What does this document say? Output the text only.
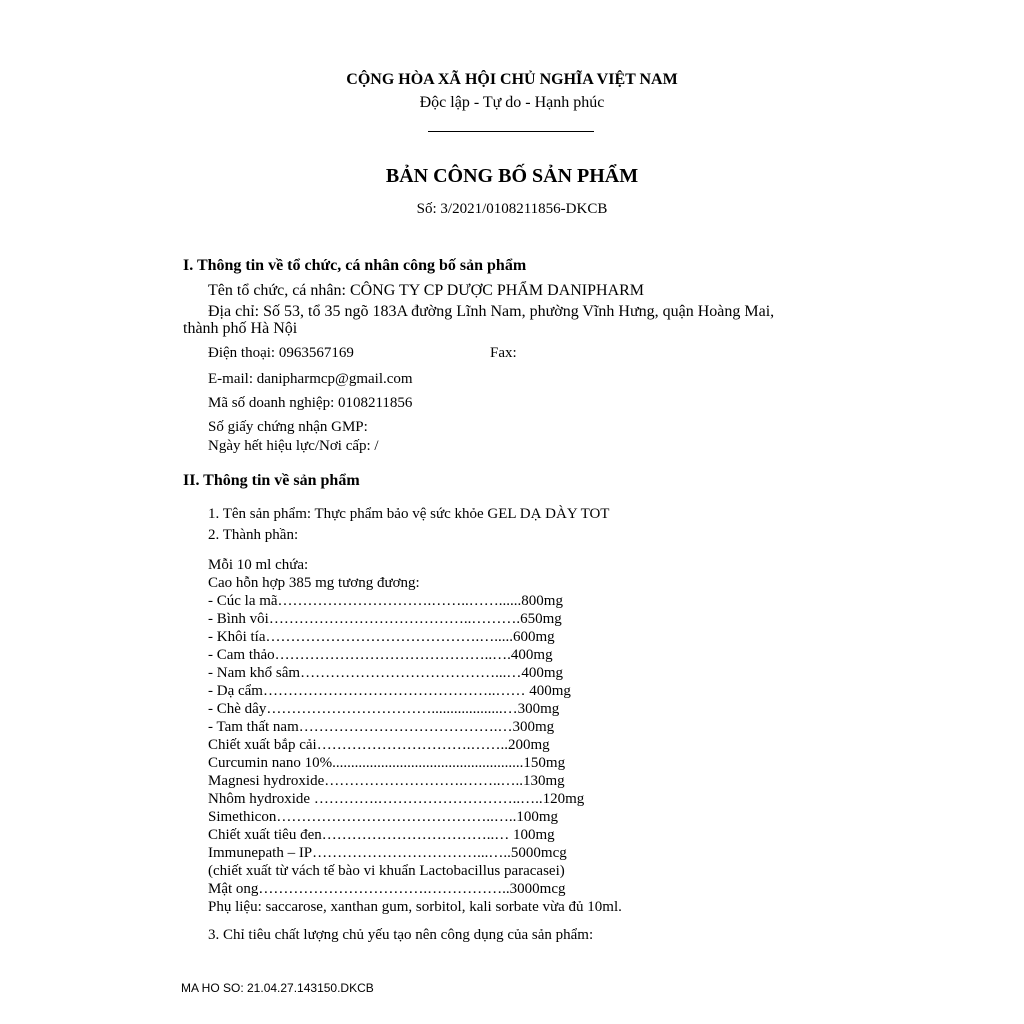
CỘNG HÒA XÃ HỘI CHỦ NGHĨA VIỆT NAM
Độc lập - Tự do - Hạnh phúc
BẢN CÔNG BỐ SẢN PHẨM
Số: 3/2021/0108211856-DKCB
I. Thông tin về tổ chức, cá nhân công bố sản phẩm
Tên tổ chức, cá nhân: CÔNG TY CP DƯỢC PHẨM DANIPHARM
Địa chỉ: Số 53, tổ 35 ngõ 183A đường Lĩnh Nam, phường Vĩnh Hưng, quận Hoàng Mai,
thành phố Hà Nội
Điện thoại: 0963567169	Fax:
E-mail: danipharmcp@gmail.com
Mã số doanh nghiệp: 0108211856
Số giấy chứng nhận GMP:
Ngày hết hiệu lực/Nơi cấp: /
II. Thông tin về sản phẩm
1. Tên sản phẩm: Thực phẩm bảo vệ sức khỏe GEL DẠ DÀY TOT
2. Thành phần:
Mỗi 10 ml chứa:
Cao hỗn hợp 385 mg tương đương:
- Cúc la mã………………………….……..……......800mg
- Bình vôi…………………………………..……….650mg
- Khôi tía…………………………………….….....600mg
- Cam thảo……………………………………..….400mg
- Nam khổ sâm…………………………………...…400mg
- Dạ cẩm………………………………………..…… 400mg
- Chè dây……………………………...................…300mg
- Tam thất nam………………………………….…300mg
Chiết xuất bắp cải………………………….……..200mg
Curcumin nano 10%...................................................150mg
Magnesi hydroxide……………………….……..…..130mg
Nhôm hydroxide ………….………………………..…..120mg
Simethicon……………………………………..…..100mg
Chiết xuất tiêu đen……………………………..… 100mg
Immunepath – IP……………………………...…..5000mcg
(chiết xuất từ vách tế bào vi khuẩn Lactobacillus paracasei)
Mật ong…………………………….……………..3000mcg
Phụ liệu: saccarose, xanthan gum, sorbitol, kali sorbate vừa đủ 10ml.
3. Chỉ tiêu chất lượng chủ yếu tạo nên công dụng của sản phẩm:
MA HO SO: 21.04.27.143150.DKCB
